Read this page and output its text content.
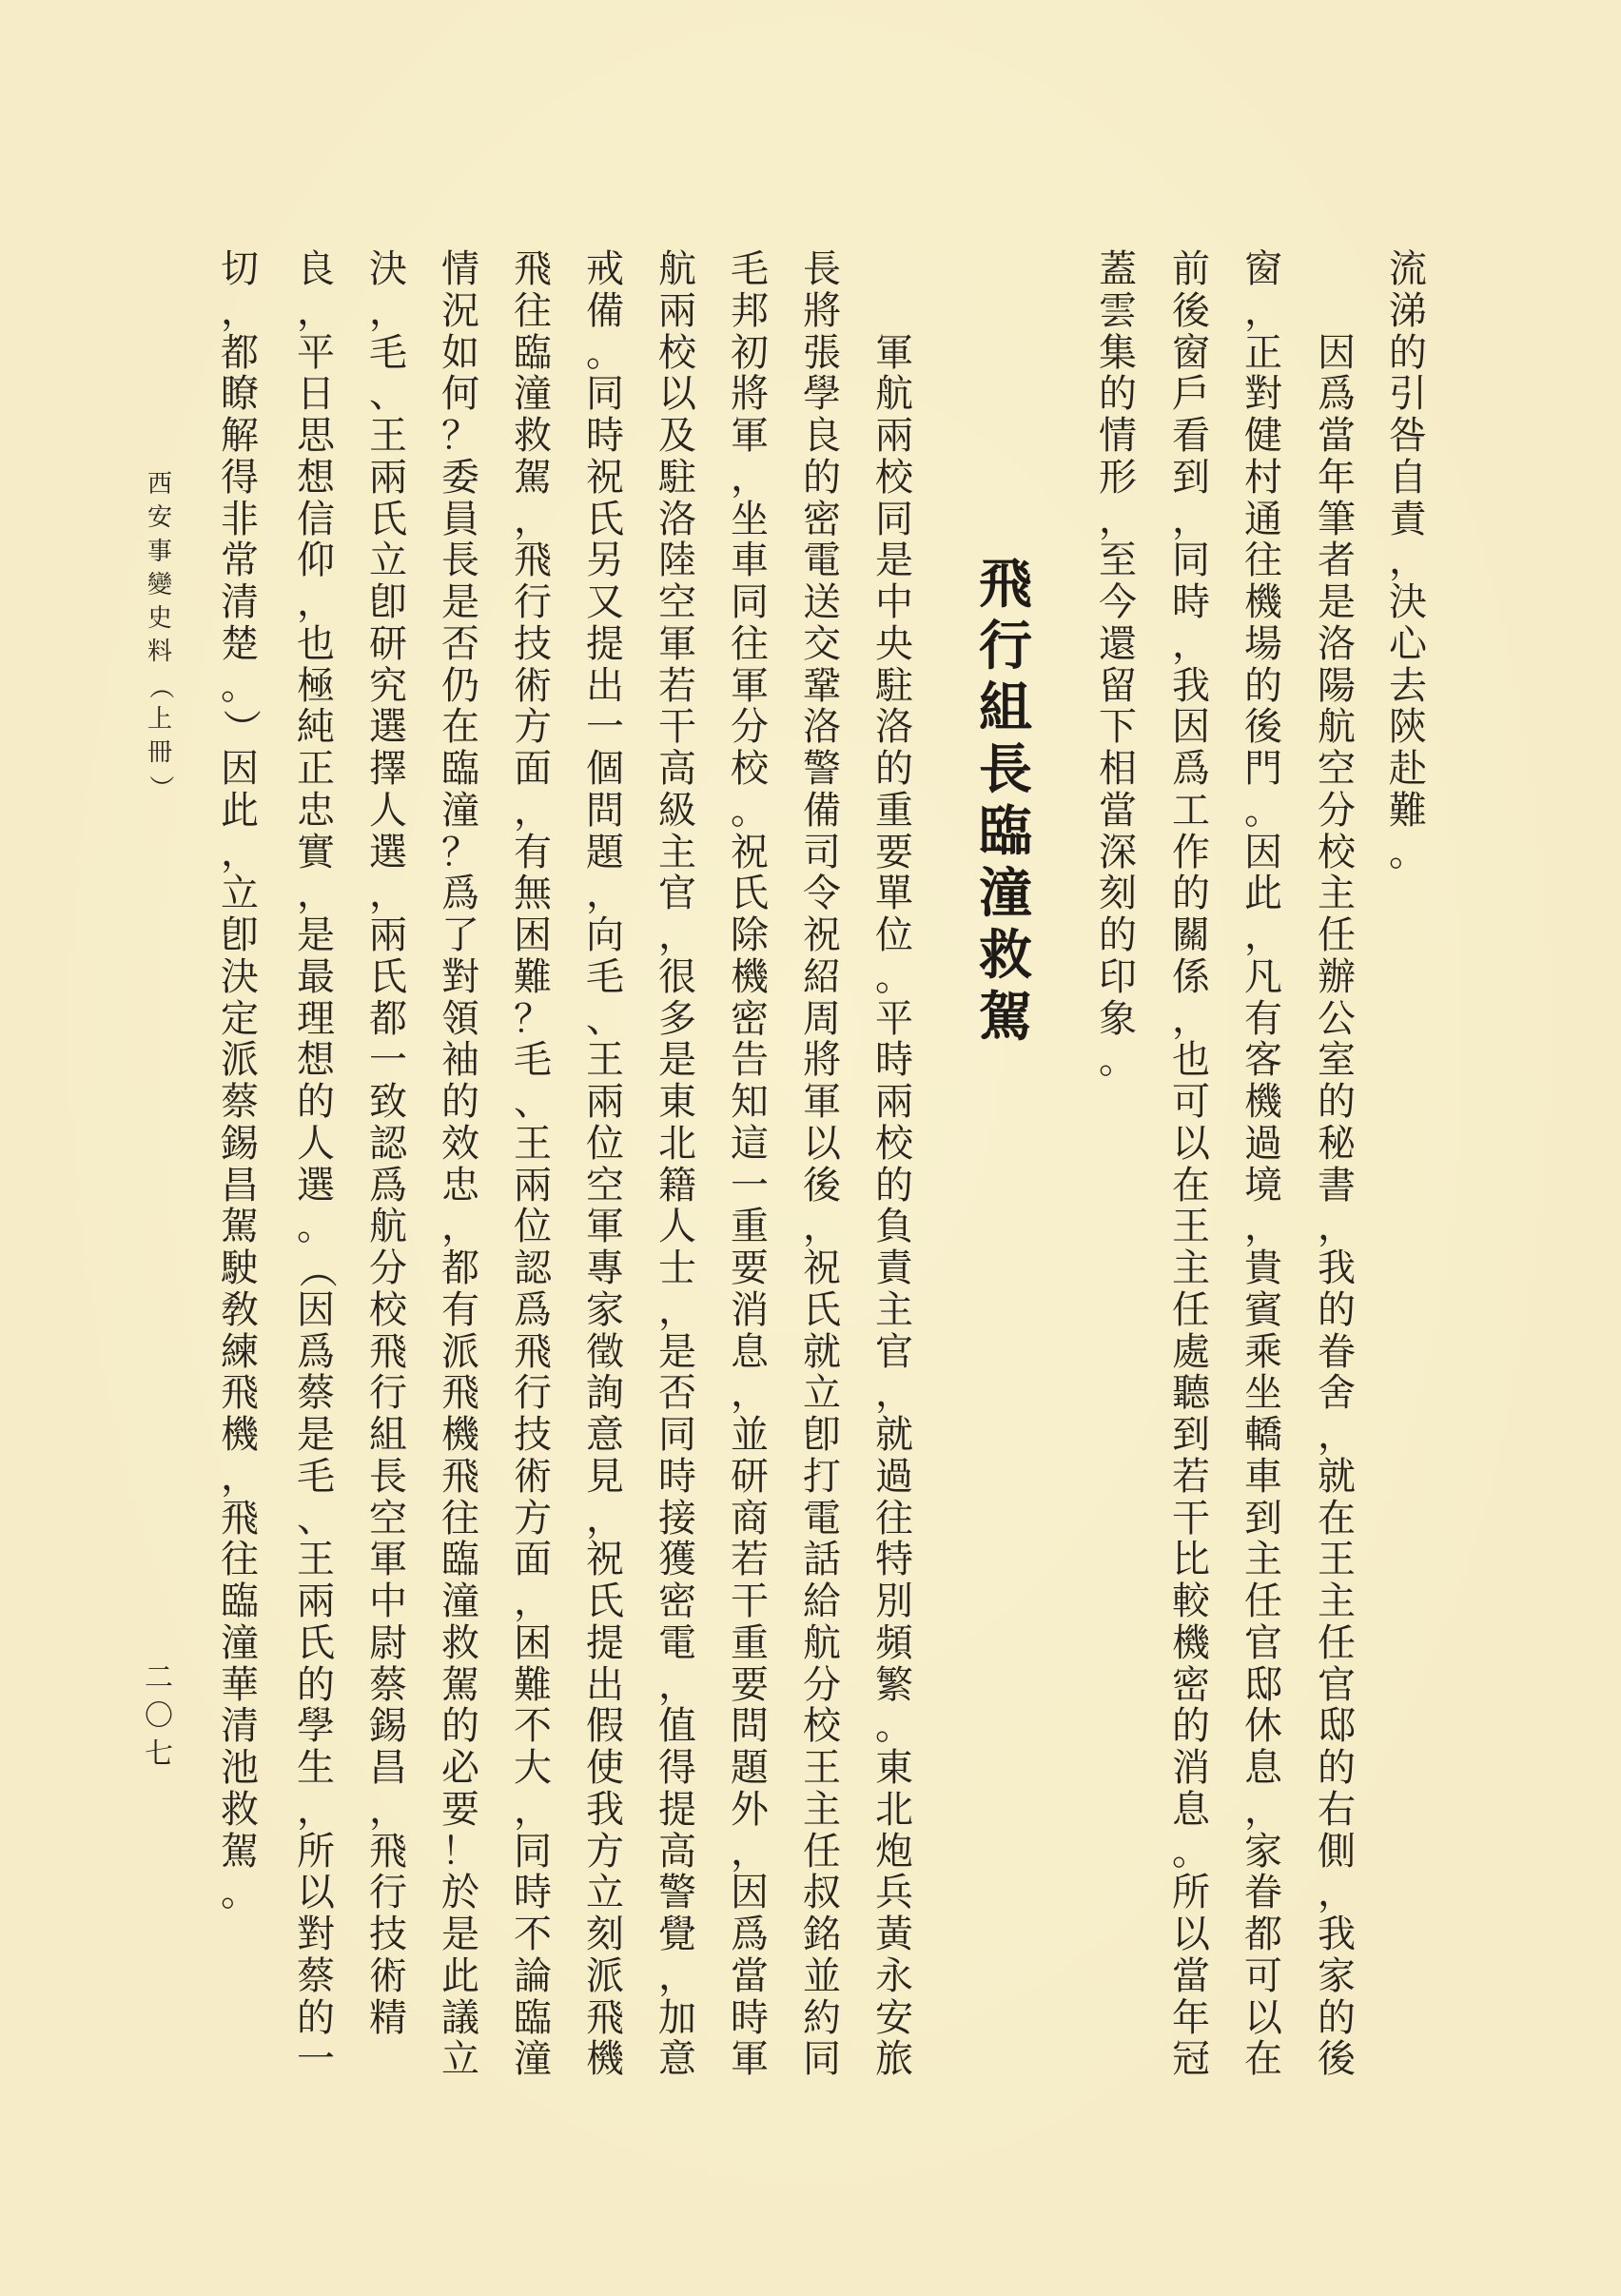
流
涕
的
引
咎
自
責
，
決
心
去
陝
赴
難
。
因
爲
當
年
筆
者
是
洛
陽
航
空
分
校
主
任
辦
公
室
的
秘
書
，
我
的
眷
舍
，
就
在
王
主
任
官
邸
的
右
側
，
我
家
的
後
窗
，
正
對
健
村
通
往
機
場
的
後
門
。
因
此
，
凡
有
客
機
過
境
，
貴
賓
乘
坐
轎
車
到
主
任
官
邸
休
息
，
家
眷
都
可
以
在
前
後
窗
戶
看
到
，
同
時
，
我
因
爲
工
作
的
關
係
，
也
可
以
在
王
主
任
處
聽
到
若
干
比
較
機
密
的
消
息
。
所
以
當
年
冠
蓋
雲
集
的
情
形
，
至
今
還
留
下
相
當
深
刻
的
印
象
。
飛
行
組
長
臨
潼
救
駕
軍
航
兩
校
同
是
中
央
駐
洛
的
重
要
單
位
。
平
時
兩
校
的
負
責
主
官
，
就
過
往
特
別
頻
繁
。
東
北
炮
兵
黃
永
安
旅
長
將
張
學
良
的
密
電
送
交
鞏
洛
警
備
司
令
祝
紹
周
將
軍
以
後
，
祝
氏
就
立
卽
打
電
話
給
航
分
校
王
主
任
叔
銘
並
約
同
毛
邦
初
將
軍
，
坐
車
同
往
軍
分
校
。
祝
氏
除
機
密
告
知
這
一
重
要
消
息
，
並
研
商
若
干
重
要
問
題
外
，
因
爲
當
時
軍
航
兩
校
以
及
駐
洛
陸
空
軍
若
干
高
級
主
官
，
很
多
是
東
北
籍
人
士
，
是
否
同
時
接
獲
密
電
，
值
得
提
高
警
覺
，
加
意
戒
備
。
同
時
祝
氏
另
又
提
出
一
個
問
題
，
向
毛
、
王
兩
位
空
軍
專
家
徵
詢
意
見
，
祝
氏
提
出
假
使
我
方
立
刻
派
飛
機
飛
往
臨
潼
救
駕
，
飛
行
技
術
方
面
，
有
無
困
難
？
毛
、
王
兩
位
認
爲
飛
行
技
術
方
面
，
困
難
不
大
，
同
時
不
論
臨
潼
情
況
如
何
？
委
員
長
是
否
仍
在
臨
潼
？
爲
了
對
領
袖
的
效
忠
，
都
有
派
飛
機
飛
往
臨
潼
救
駕
的
必
要
！
於
是
此
議
立
決
，
毛
、
王
兩
氏
立
卽
研
究
選
擇
人
選
，
兩
氏
都
一
致
認
爲
航
分
校
飛
行
組
長
空
軍
中
尉
蔡
錫
昌
，
飛
行
技
術
精
良
，
平
日
思
想
信
仰
，
也
極
純
正
忠
實
，
是
最
理
想
的
人
選
。
（
因
爲
蔡
是
毛
、
王
兩
氏
的
學
生
，
所
以
對
蔡
的
一
切
，
都
瞭
解
得
非
常
清
楚
。
）
因
此
，
立
卽
決
定
派
蔡
錫
昌
駕
駛
敎
練
飛
機
，
飛
往
臨
潼
華
清
池
救
駕
。
西
安
事
變
史
料
（
上
冊
）
二
〇
七
